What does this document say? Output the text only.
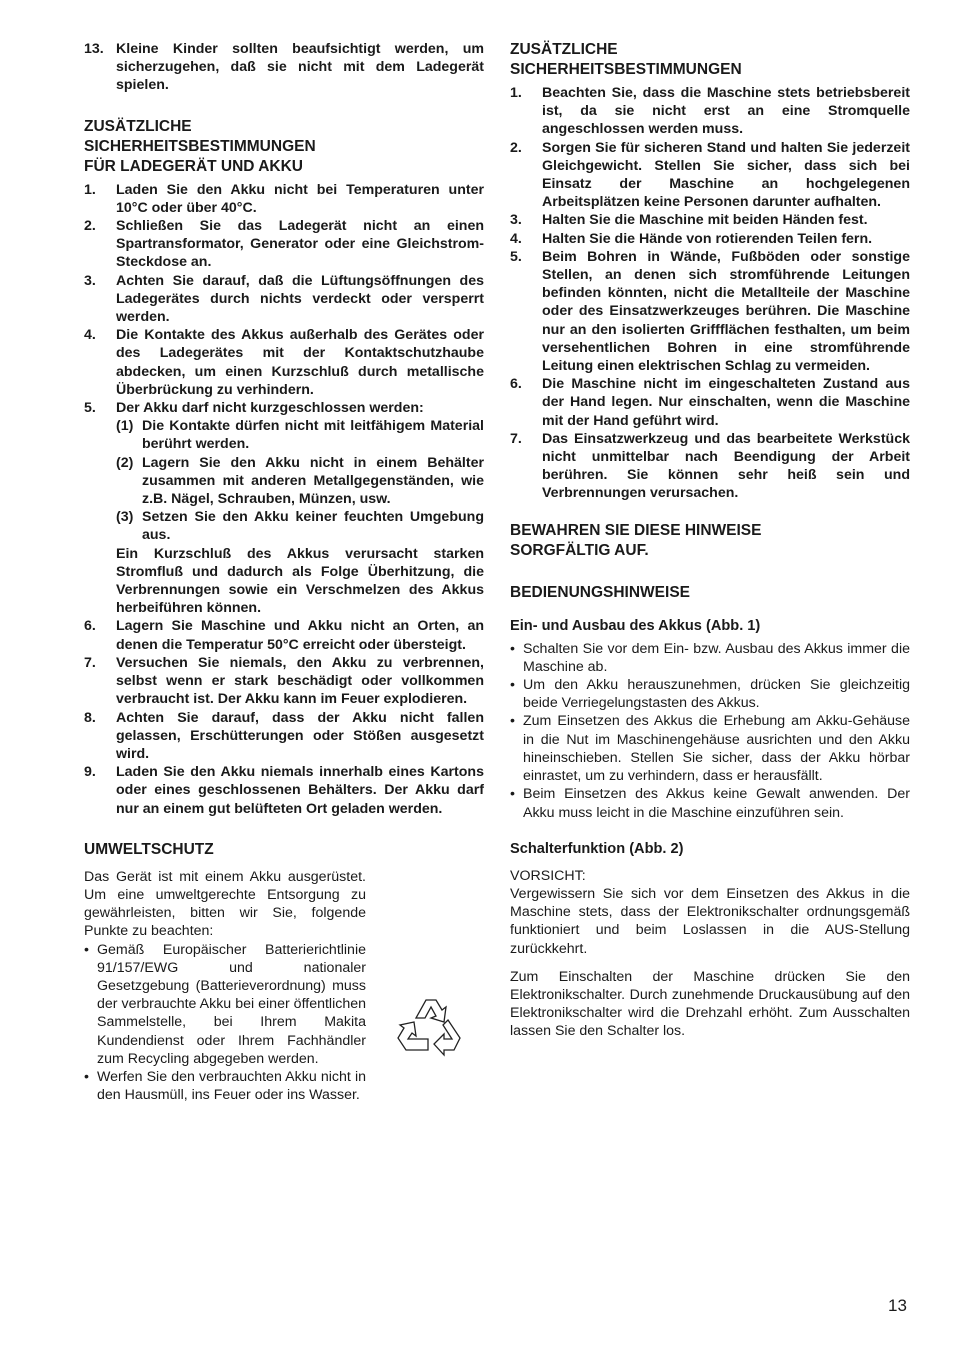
13. Kleine Kinder sollten beaufsichtigt werden, um sicherzugehen, daß sie nicht mit dem Ladegerät spielen.
ZUSÄTZLICHE
SICHERHEITSBESTIMMUNGEN
FÜR LADEGERÄT UND AKKU
1. Laden Sie den Akku nicht bei Temperaturen unter 10°C oder über 40°C.
2. Schließen Sie das Ladegerät nicht an einen Spartransformator, Generator oder eine Gleichstrom-Steckdose an.
3. Achten Sie darauf, daß die Lüftungsöffnungen des Ladegerätes durch nichts verdeckt oder versperrt werden.
4. Die Kontakte des Akkus außerhalb des Gerätes oder des Ladegerätes mit der Kontaktschutzhaube abdecken, um einen Kurzschluß durch metallische Überbrückung zu verhindern.
5. Der Akku darf nicht kurzgeschlossen werden:
(1) Die Kontakte dürfen nicht mit leitfähigem Material berührt werden.
(2) Lagern Sie den Akku nicht in einem Behälter zusammen mit anderen Metallgegenständen, wie z.B. Nägel, Schrauben, Münzen, usw.
(3) Setzen Sie den Akku keiner feuchten Umgebung aus.
Ein Kurzschluß des Akkus verursacht starken Stromfluß und dadurch als Folge Überhitzung, die Verbrennungen sowie ein Verschmelzen des Akkus herbeiführen können.
6. Lagern Sie Maschine und Akku nicht an Orten, an denen die Temperatur 50°C erreicht oder übersteigt.
7. Versuchen Sie niemals, den Akku zu verbrennen, selbst wenn er stark beschädigt oder vollkommen verbraucht ist. Der Akku kann im Feuer explodieren.
8. Achten Sie darauf, dass der Akku nicht fallen gelassen, Erschütterungen oder Stößen ausgesetzt wird.
9. Laden Sie den Akku niemals innerhalb eines Kartons oder eines geschlossenen Behälters. Der Akku darf nur an einem gut belüfteten Ort geladen werden.
UMWELTSCHUTZ

Das Gerät ist mit einem Akku ausgerüstet. Um eine umweltgerechte Entsorgung zu gewährleisten, bitten wir Sie, folgende Punkte zu beachten:

• Gemäß Europäischer Batterierichtlinie 91/157/EWG und nationaler Gesetzgebung (Batterieverordnung) muss der verbrauchte Akku bei einer öffentlichen Sammelstelle, bei Ihrem Makita Kundendienst oder Ihrem Fachhändler zum Recycling abgegeben werden.
• Werfen Sie den verbrauchten Akku nicht in den Hausmüll, ins Feuer oder ins Wasser.
ZUSÄTZLICHE
SICHERHEITSBESTIMMUNGEN
1. Beachten Sie, dass die Maschine stets betriebsbereit ist, da sie nicht erst an eine Stromquelle angeschlossen werden muss.
2. Sorgen Sie für sicheren Stand und halten Sie jederzeit Gleichgewicht. Stellen Sie sicher, dass sich bei Einsatz der Maschine an hochgelegenen Arbeitsplätzen keine Personen darunter aufhalten.
3. Halten Sie die Maschine mit beiden Händen fest.
4. Halten Sie die Hände von rotierenden Teilen fern.
5. Beim Bohren in Wände, Fußböden oder sonstige Stellen, an denen sich stromführende Leitungen befinden könnten, nicht die Metallteile der Maschine oder des Einsatzwerkzeuges berühren. Die Maschine nur an den isolierten Griffflächen festhalten, um beim versehentlichen Bohren in eine stromführende Leitung einen elektrischen Schlag zu vermeiden.
6. Die Maschine nicht im eingeschalteten Zustand aus der Hand legen. Nur einschalten, wenn die Maschine mit der Hand geführt wird.
7. Das Einsatzwerkzeug und das bearbeitete Werkstück nicht unmittelbar nach Beendigung der Arbeit berühren. Sie können sehr heiß sein und Verbrennungen verursachen.
BEWAHREN SIE DIESE HINWEISE
SORGFÄLTIG AUF.
BEDIENUNGSHINWEISE
Ein- und Ausbau des Akkus (Abb. 1)
• Schalten Sie vor dem Ein- bzw. Ausbau des Akkus immer die Maschine ab.
• Um den Akku herauszunehmen, drücken Sie gleichzeitig beide Verriegelungstasten des Akkus.
• Zum Einsetzen des Akkus die Erhebung am Akku-Gehäuse in die Nut im Maschinengehäuse ausrichten und den Akku hineinschieben. Stellen Sie sicher, dass der Akku hörbar einrastet, um zu verhindern, dass er herausfällt.
• Beim Einsetzen des Akkus keine Gewalt anwenden. Der Akku muss leicht in die Maschine einzuführen sein.
Schalterfunktion (Abb. 2)

VORSICHT:

Vergewissern Sie sich vor dem Einsetzen des Akkus in die Maschine stets, dass der Elektronikschalter ordnungsgemäß funktioniert und beim Loslassen in die AUS-Stellung zurückkehrt.

Zum Einschalten der Maschine drücken Sie den Elektronikschalter. Durch zunehmende Druckausübung auf den Elektronikschalter wird die Drehzahl erhöht. Zum Ausschalten lassen Sie den Schalter los.

13
